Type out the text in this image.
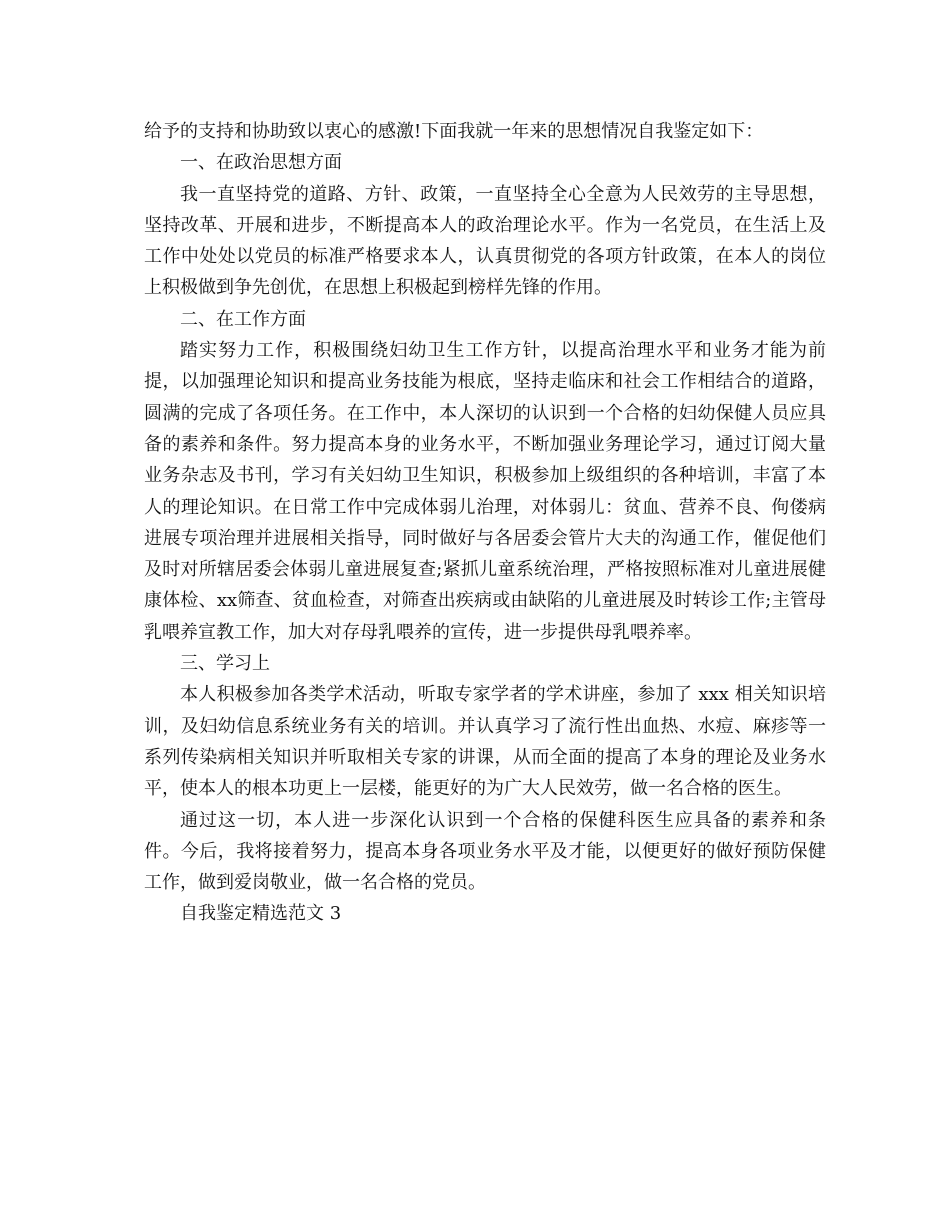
给予的支持和协助致以衷心的感激!下面我就一年来的思想情况自我鉴定如下：

一、在政治思想方面

我一直坚持党的道路、方针、政策，一直坚持全心全意为人民效劳的主导思想，坚持改革、开展和进步，不断提高本人的政治理论水平。作为一名党员，在生活上及工作中处处以党员的标准严格要求本人，认真贯彻党的各项方针政策，在本人的岗位上积极做到争先创优，在思想上积极起到榜样先锋的作用。

二、在工作方面

踏实努力工作，积极围绕妇幼卫生工作方针，以提高治理水平和业务才能为前提，以加强理论知识和提高业务技能为根底，坚持走临床和社会工作相结合的道路，圆满的完成了各项任务。在工作中，本人深切的认识到一个合格的妇幼保健人员应具备的素养和条件。努力提高本身的业务水平，不断加强业务理论学习，通过订阅大量业务杂志及书刊，学习有关妇幼卫生知识，积极参加上级组织的各种培训，丰富了本人的理论知识。在日常工作中完成体弱儿治理，对体弱儿：贫血、营养不良、佝偻病进展专项治理并进展相关指导，同时做好与各居委会管片大夫的沟通工作，催促他们及时对所辖居委会体弱儿童进展复查;紧抓儿童系统治理，严格按照标准对儿童进展健康体检、xx筛查、贫血检查，对筛查出疾病或由缺陷的儿童进展及时转诊工作;主管母乳喂养宣教工作，加大对存母乳喂养的宣传，进一步提供母乳喂养率。

三、学习上

本人积极参加各类学术活动，听取专家学者的学术讲座，参加了 xxx 相关知识培训，及妇幼信息系统业务有关的培训。并认真学习了流行性出血热、水痘、麻疹等一系列传染病相关知识并听取相关专家的讲课，从而全面的提高了本身的理论及业务水平，使本人的根本功更上一层楼，能更好的为广大人民效劳，做一名合格的医生。

通过这一切，本人进一步深化认识到一个合格的保健科医生应具备的素养和条件。今后，我将接着努力，提高本身各项业务水平及才能，以便更好的做好预防保健工作，做到爱岗敬业，做一名合格的党员。

自我鉴定精选范文 3
